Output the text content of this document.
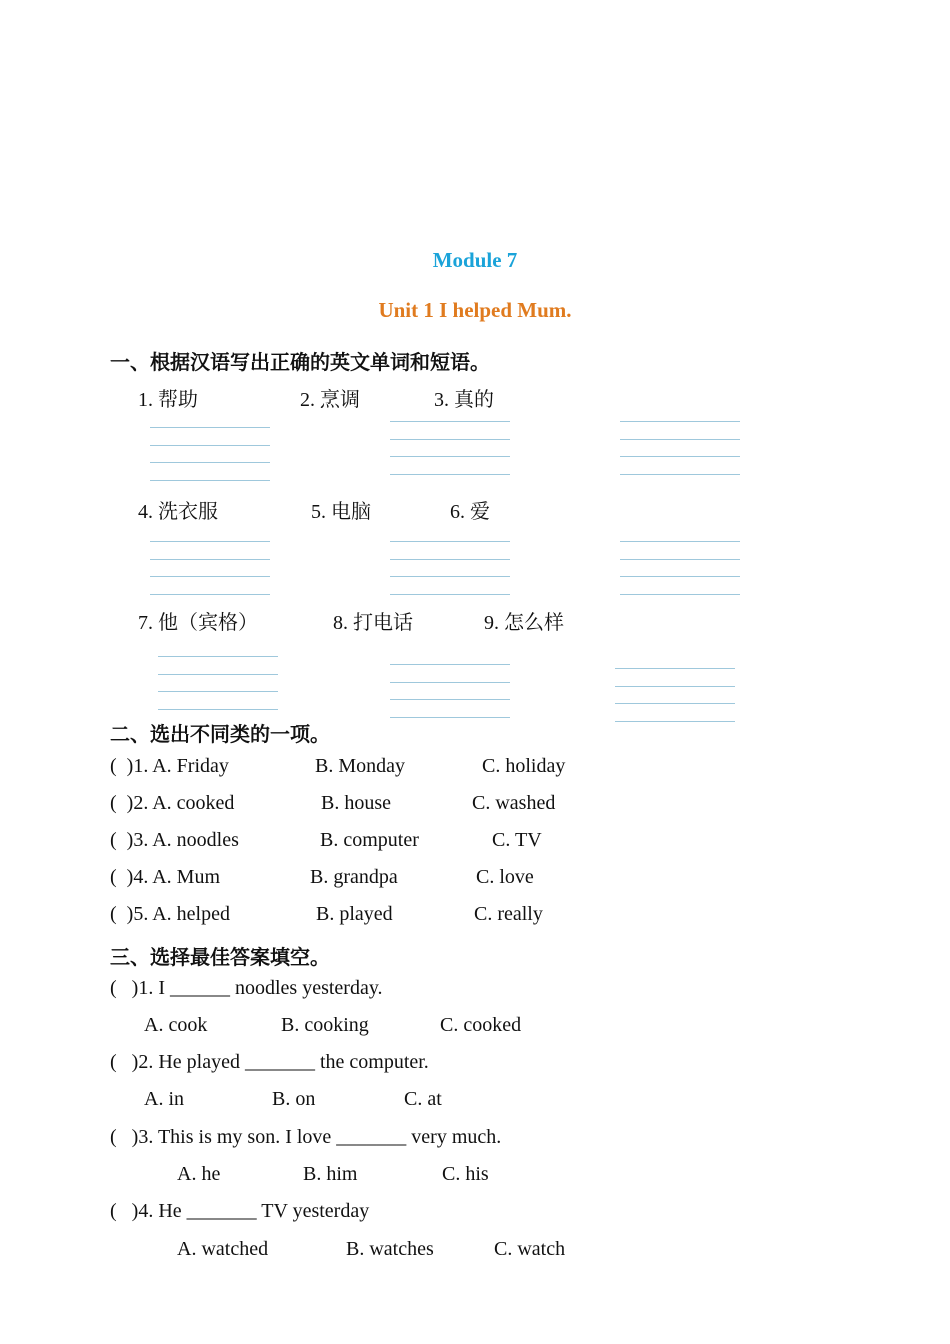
Module 7
Unit 1 I helped Mum.
一、根据汉语写出正确的英文单词和短语。
1. 帮助	2. 烹调	3. 真的
4. 洗衣服	5. 电脑	6. 爱
7. 他（宾格）	8. 打电话	9. 怎么样
二、选出不同类的一项。
(  )1. A. Friday	B. Monday	C. holiday
(  )2. A. cooked	B. house	C. washed
(  )3. A. noodles	B. computer	C. TV
(  )4. A. Mum	B. grandpa	C. love
(  )5. A. helped	B. played	C. really
三、选择最佳答案填空。
(   )1. I ______ noodles yesterday.
A. cook	B. cooking	C. cooked
(   )2. He played _______ the computer.
A. in	B. on	C. at
(   )3. This is my son. I love _______ very much.
A. he	B. him	C. his
(   )4. He _______ TV yesterday
A. watched	B. watches	C. watch
